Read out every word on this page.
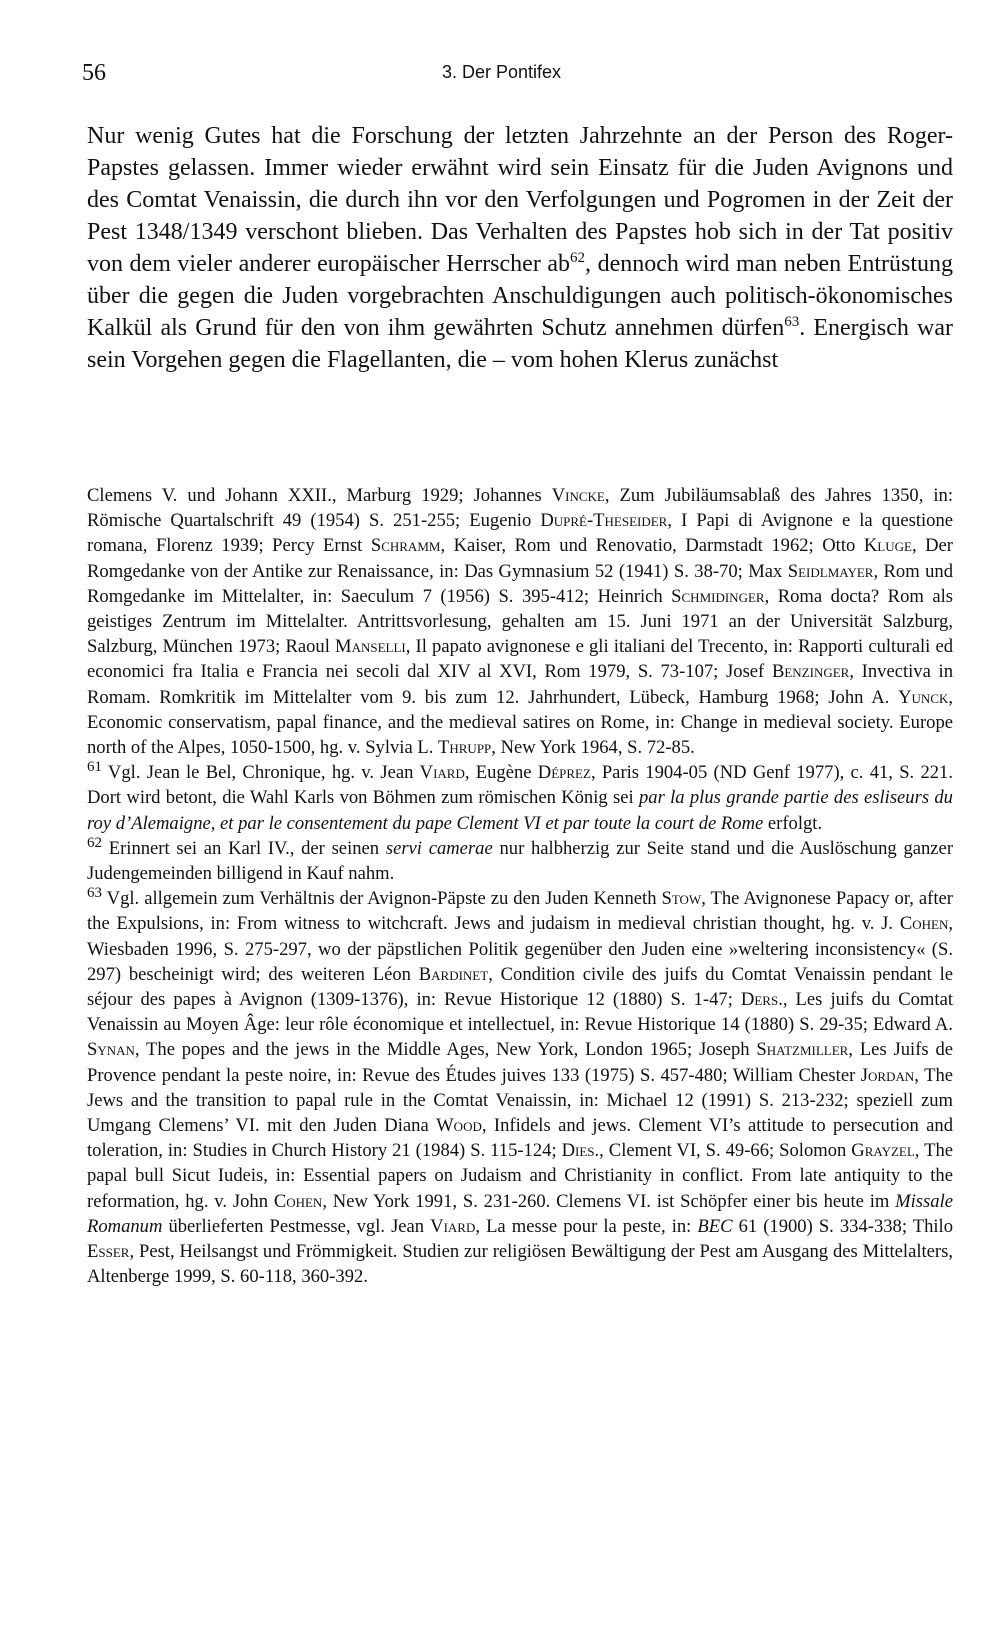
56	3. Der Pontifex

Nur wenig Gutes hat die Forschung der letzten Jahrzehnte an der Person des Roger-Papstes gelassen. Immer wieder erwähnt wird sein Einsatz für die Juden Avignons und des Comtat Venaissin, die durch ihn vor den Verfolgungen und Pogromen in der Zeit der Pest 1348/1349 verschont blieben. Das Verhalten des Papstes hob sich in der Tat positiv von dem vieler anderer europäischer Herrscher $ab^{62}$, dennoch wird man neben Entrüstung über die gegen die Juden vorgebrachten Anschuldigungen auch politisch-ökonomisches Kalkül als Grund für den von ihm gewährten Schutz annehmen dürfen$^{63}$. Energisch war sein Vorgehen gegen die Flagellanten, die – vom hohen Klerus zunächst

Clemens V. und Johann XXII., Marburg 1929; Johannes Vincke, Zum Jubiläumsablaß des Jahres 1350, in: Römische Quartalschrift 49 (1954) S. 251-255; Eugenio Dupré-Theseider, I Papi di Avignone e la questione romana, Florenz 1939; Percy Ernst Schramm, Kaiser, Rom und Renovatio, Darmstadt 1962; Otto Kluge, Der Romgedanke von der Antike zur Renaissance, in: Das Gymnasium 52 (1941) S. 38-70; Max Seidlmayer, Rom und Romgedanke im Mittelalter, in: Saeculum 7 (1956) S. 395-412; Heinrich Schmidinger, Roma docta? Rom als geistiges Zentrum im Mittelalter. Antrittsvorlesung, gehalten am 15. Juni 1971 an der Universität Salzburg, Salzburg, München 1973; Raoul Manselli, Il papato avignonese e gli italiani del Trecento, in: Rapporti culturali ed economici fra Italia e Francia nei secoli dal XIV al XVI, Rom 1979, S. 73-107; Josef Benzinger, Invectiva in Romam. Romkritik im Mittelalter vom 9. bis zum 12. Jahrhundert, Lübeck, Hamburg 1968; John A. Yunck, Economic conservatism, papal finance, and the medieval satires on Rome, in: Change in medieval society. Europe north of the Alpes, 1050-1500, hg. v. Sylvia L. Thrupp, New York 1964, S. 72-85.

$^{61}$ Vgl. Jean le Bel, Chronique, hg. v. Jean Viard, Eugène Déprez, Paris 1904-05 (ND Genf 1977), c. 41, S. 221. Dort wird betont, die Wahl Karls von Böhmen zum römischen König sei par la plus grande partie des esliseurs du roy d’Alemaigne, et par le consentement du pape Clement VI et par toute la court de Rome erfolgt.

$^{62}$ Erinnert sei an Karl IV., der seinen servi camerae nur halbherzig zur Seite stand und die Auslöschung ganzer Judengemeinden billigend in Kauf nahm.

$^{63}$ Vgl. allgemein zum Verhältnis der Avignon-Päpste zu den Juden Kenneth Stow, The Avignonese Papacy or, after the Expulsions, in: From witness to witchcraft. Jews and judaism in medieval christian thought, hg. v. J. Cohen, Wiesbaden 1996, S. 275-297, wo der päpstlichen Politik gegenüber den Juden eine »weltering inconsistency« (S. 297) bescheinigt wird; des weiteren Léon Bardinet, Condition civile des juifs du Comtat Venaissin pendant le séjour des papes à Avignon (1309-1376), in: Revue Historique 12 (1880) S. 1-47; Ders., Les juifs du Comtat Venaissin au Moyen Âge: leur rôle économique et intellectuel, in: Revue Historique 14 (1880) S. 29-35; Edward A. Synan, The popes and the jews in the Middle Ages, New York, London 1965; Joseph Shatzmiller, Les Juifs de Provence pendant la peste noire, in: Revue des Études juives 133 (1975) S. 457-480; William Chester Jordan, The Jews and the transition to papal rule in the Comtat Venaissin, in: Michael 12 (1991) S. 213-232; speziell zum Umgang Clemens’ VI. mit den Juden Diana Wood, Infidels and jews. Clement VI’s attitude to persecution and toleration, in: Studies in Church History 21 (1984) S. 115-124; Dies., Clement VI, S. 49-66; Solomon Grayzel, The papal bull Sicut Iudeis, in: Essential papers on Judaism and Christianity in conflict. From late antiquity to the reformation, hg. v. John Cohen, New York 1991, S. 231-260. Clemens VI. ist Schöpfer einer bis heute im Missale Romanum überlieferten Pestmesse, vgl. Jean Viard, La messe pour la peste, in: BEC 61 (1900) S. 334-338; Thilo Esser, Pest, Heilsangst und Frömmigkeit. Studien zur religiösen Bewältigung der Pest am Ausgang des Mittelalters, Altenberge 1999, S. 60-118, 360-392.
